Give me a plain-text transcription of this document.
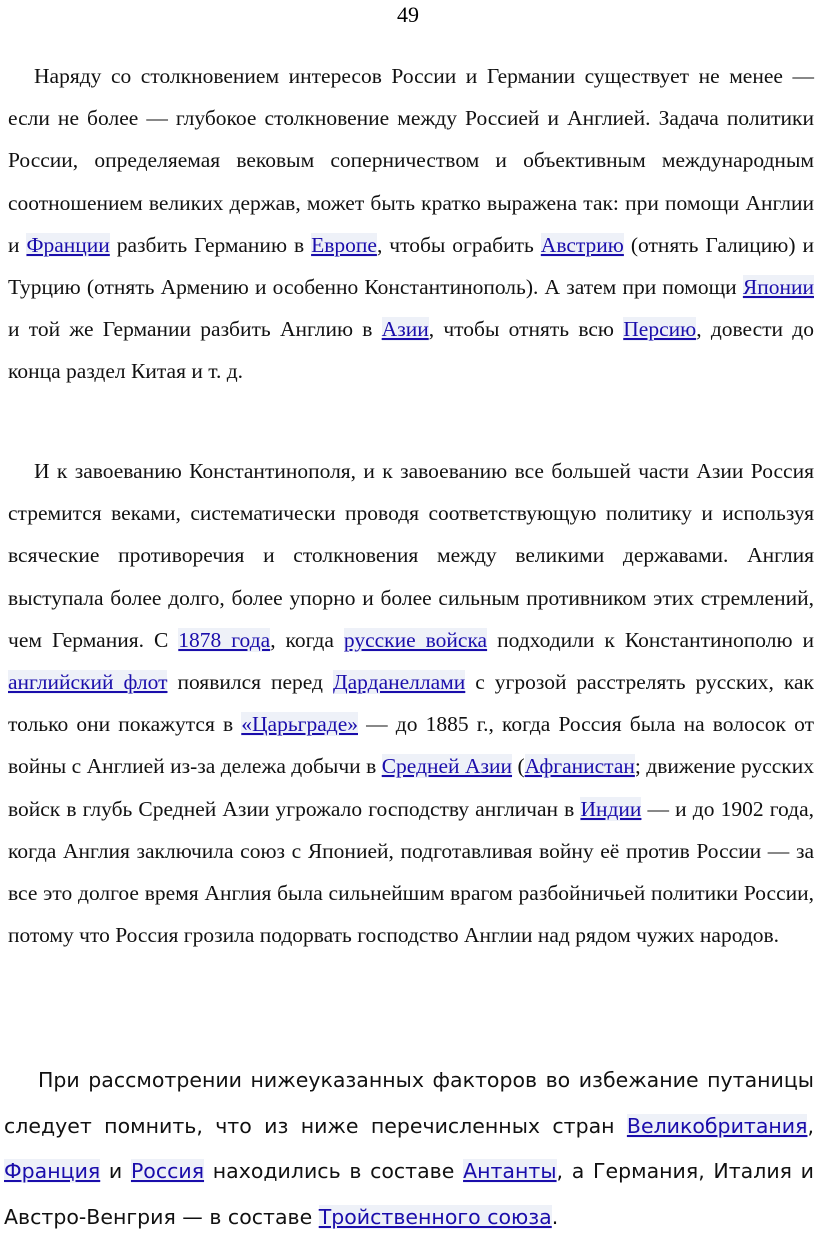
49

Наряду со столкновением интересов России и Германии существует не менее — если не более — глубокое столкновение между Россией и Англией. Задача политики России, определяемая вековым соперничеством и объективным международным соотношением великих держав, может быть кратко выражена так: при помощи Англии и Франции разбить Германию в Европе, чтобы ограбить Австрию (отнять Галицию) и Турцию (отнять Армению и особенно Константинополь). А затем при помощи Японии и той же Германии разбить Англию в Азии, чтобы отнять всю Персию, довести до конца раздел Китая и т. д.

И к завоеванию Константинополя, и к завоеванию все большей части Азии Россия стремится веками, систематически проводя соответствующую политику и используя всяческие противоречия и столкновения между великими державами. Англия выступала более долго, более упорно и более сильным противником этих стремлений, чем Германия. С 1878 года, когда русские войска подходили к Константинополю и английский флот появился перед Дарданеллами с угрозой расстрелять русских, как только они покажутся в «Царьграде» — до 1885 г., когда Россия была на волосок от войны с Англией из-за дележа добычи в Средней Азии (Афганистан; движение русских войск в глубь Средней Азии угрожало господству англичан в Индии — и до 1902 года, когда Англия заключила союз с Японией, подготавливая войну её против России — за все это долгое время Англия была сильнейшим врагом разбойничьей политики России, потому что Россия грозила подорвать господство Англии над рядом чужих народов.

При рассмотрении нижеуказанных факторов во избежание путаницы следует помнить, что из ниже перечисленных стран Великобритания, Франция и Россия находились в составе Антанты, а Германия, Италия и Австро-Венгрия — в составе Тройственного союза.
